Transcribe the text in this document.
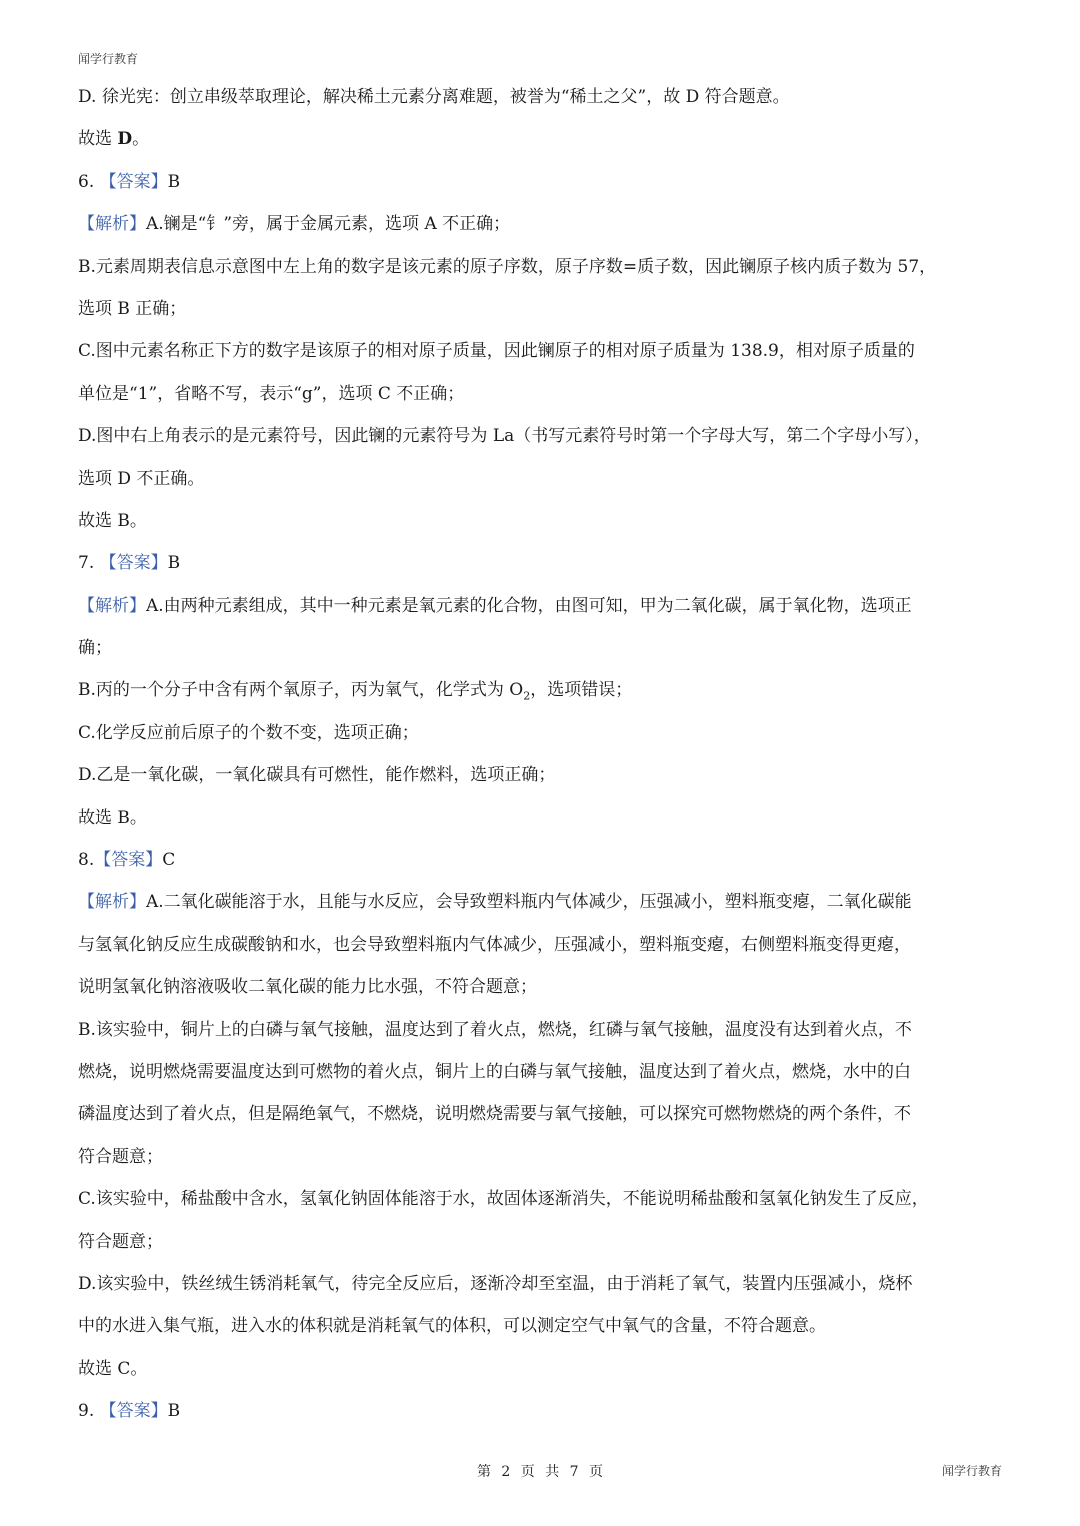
闻学行教育
D. 徐光宪：创立串级萃取理论，解决稀土元素分离难题，被誉为“稀土之父”，故 D 符合题意。
故选 D。
6. 【答案】B
【解析】A.镧是“钅”旁，属于金属元素，选项 A 不正确；
B.元素周期表信息示意图中左上角的数字是该元素的原子序数，原子序数=质子数，因此镧原子核内质子数为 57，
选项 B 正确；
C.图中元素名称正下方的数字是该原子的相对原子质量，因此镧原子的相对原子质量为 138.9，相对原子质量的
单位是“1”，省略不写，表示“g”，选项 C 不正确；
D.图中右上角表示的是元素符号，因此镧的元素符号为 La（书写元素符号时第一个字母大写，第二个字母小写），
选项 D 不正确。
故选 B。
7. 【答案】B
【解析】A.由两种元素组成，其中一种元素是氧元素的化合物，由图可知，甲为二氧化碳，属于氧化物，选项正
确；
B.丙的一个分子中含有两个氧原子，丙为氧气，化学式为 $O_2$，选项错误；
C.化学反应前后原子的个数不变，选项正确；
D.乙是一氧化碳，一氧化碳具有可燃性，能作燃料，选项正确；
故选 B。
8.【答案】C
【解析】A.二氧化碳能溶于水，且能与水反应，会导致塑料瓶内气体减少，压强减小，塑料瓶变瘪，二氧化碳能
与氢氧化钠反应生成碳酸钠和水，也会导致塑料瓶内气体减少，压强减小，塑料瓶变瘪，右侧塑料瓶变得更瘪，
说明氢氧化钠溶液吸收二氧化碳的能力比水强，不符合题意；
B.该实验中，铜片上的白磷与氧气接触，温度达到了着火点，燃烧，红磷与氧气接触，温度没有达到着火点，不
燃烧，说明燃烧需要温度达到可燃物的着火点，铜片上的白磷与氧气接触，温度达到了着火点，燃烧，水中的白
磷温度达到了着火点，但是隔绝氧气，不燃烧，说明燃烧需要与氧气接触，可以探究可燃物燃烧的两个条件，不
符合题意；
C.该实验中，稀盐酸中含水，氢氧化钠固体能溶于水，故固体逐渐消失，不能说明稀盐酸和氢氧化钠发生了反应，
符合题意；
D.该实验中，铁丝绒生锈消耗氧气，待完全反应后，逐渐冷却至室温，由于消耗了氧气，装置内压强减小，烧杯
中的水进入集气瓶，进入水的体积就是消耗氧气的体积，可以测定空气中氧气的含量，不符合题意。
故选 C。
9. 【答案】B
第 2 页 共 7 页	闻学行教育
